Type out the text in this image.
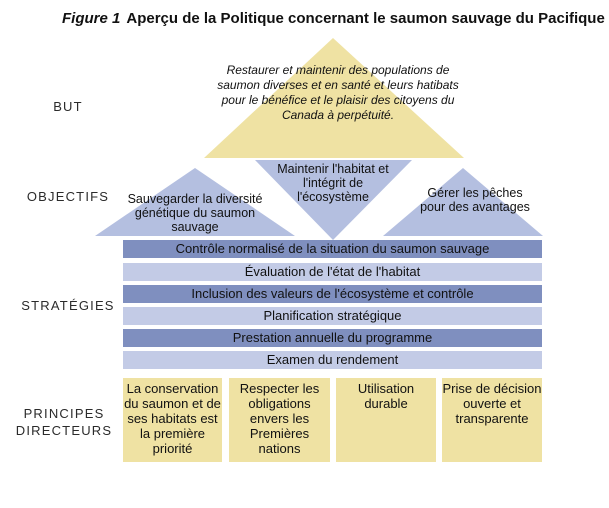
Figure 1 Aperçu de la Politique concernant le saumon sauvage du Pacifique
BUT
OBJECTIFS
STRATÉGIES
PRINCIPES DIRECTEURS
Restaurer et maintenir des populations de saumon diverses et en santé et leurs hatibats pour le bénéfice et le plaisir des citoyens du Canada à perpétuité.
Sauvegarder la diversité génétique du saumon sauvage
Maintenir l'habitat et l'intégrit de l'écosystème	Gérer les pêches pour des avantages
Contrôle normalisé de la situation du saumon sauvage
Évaluation de l'état de l'habitat
Inclusion des valeurs de l'écosystème et contrôle
Planification stratégique
Prestation annuelle du programme
Examen du rendement
La conservation du saumon et de ses habitats est la première priorité
Respecter les obligations envers les Premières nations
Utilisation durable
Prise de décision ouverte et transparente
